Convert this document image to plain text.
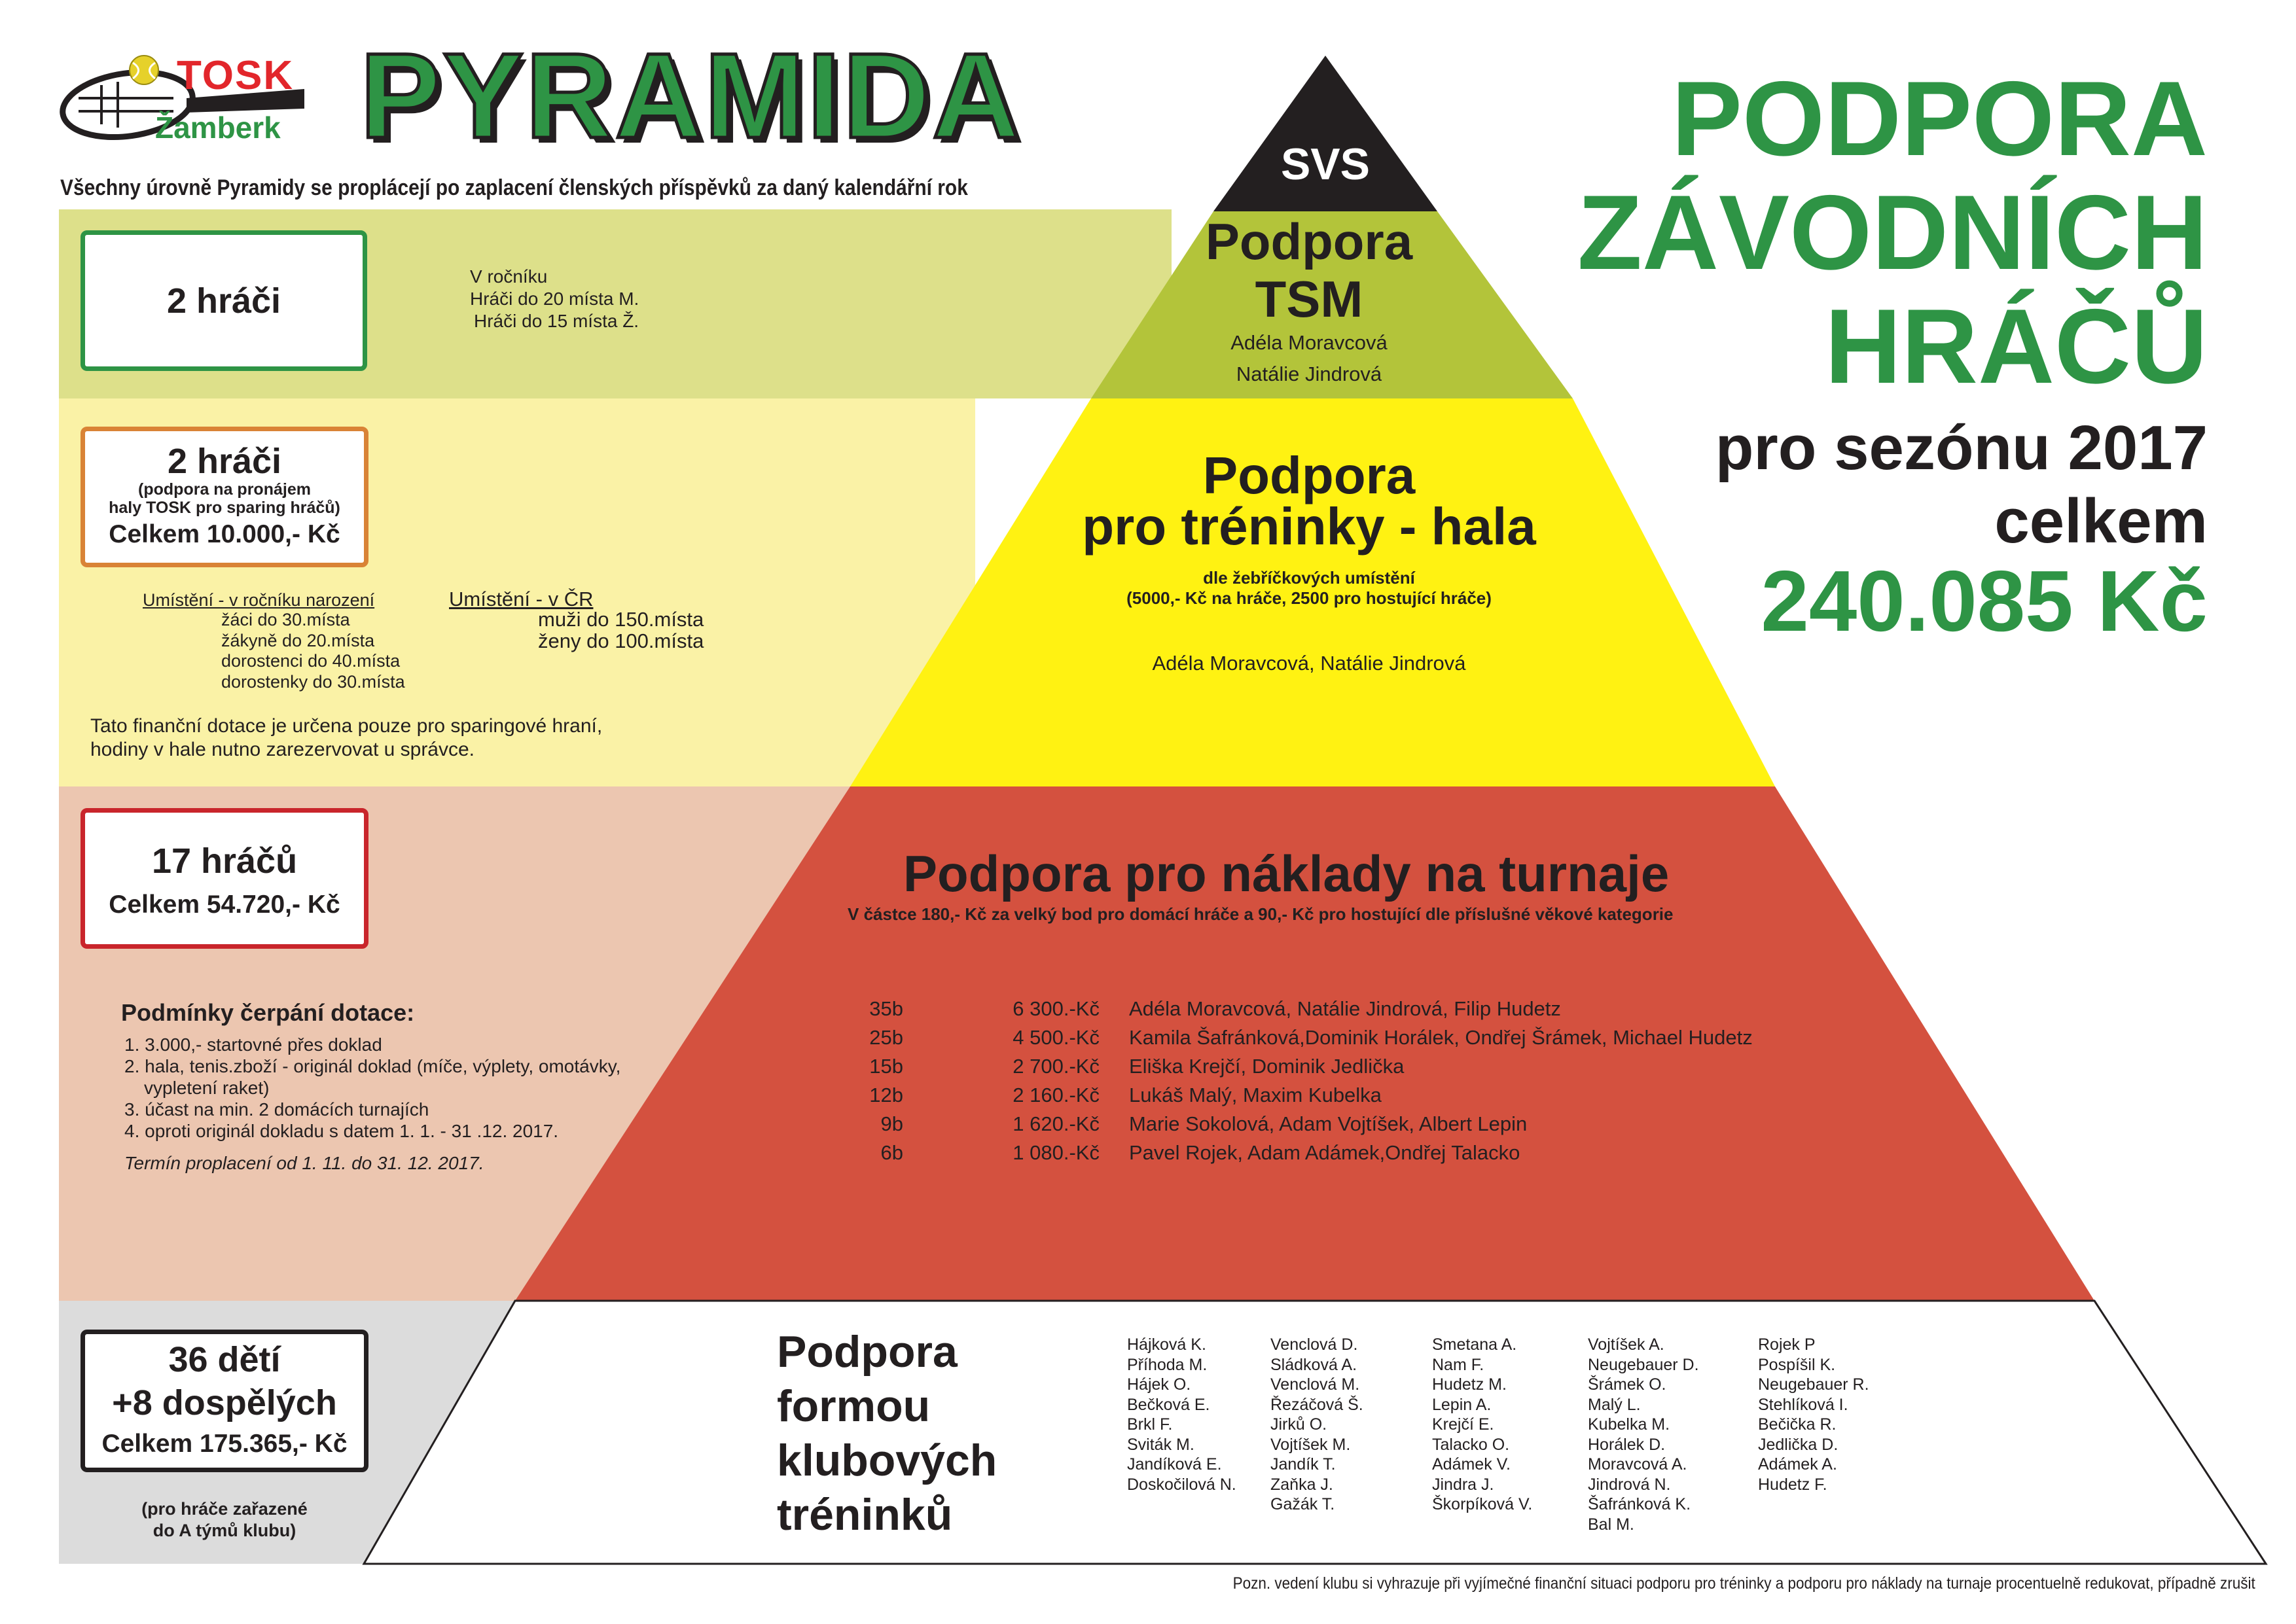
TOSK
Žamberk PYRAMIDA
Všechny úrovně Pyramidy se proplácejí po zaplacení členských příspěvků za daný kalendářní rok	SVS	PODPORA
ZÁVODNÍCH
HRÁČŮ
pro sezónu 2017
celkem
240.085 Kč
2 hráči
V ročníku
Hráči do 20 místa M.
Hráči do 15 místa Ž.
Podpora
TSM
Adéla Moravcová
Natálie Jindrová
2 hráči
(podpora na pronájem
haly TOSK pro sparing hráčů)
Celkem 10.000,- Kč
Umístění - v ročníku narození
žáci do 30.místa
žákyně do 20.místa
dorostenci do 40.místa
dorostenky do 30.místa
Umístění - v ČR
muži do 150.místa
ženy do 100.místa
Tato finanční dotace je určena pouze pro sparingové hraní,
hodiny v hale nutno zarezervovat u správce.
Podpora
pro tréninky - hala
dle žebříčkových umístění
(5000,- Kč na hráče, 2500 pro hostující hráče)
Adéla Moravcová, Natálie Jindrová
17 hráčů
Celkem 54.720,- Kč
Podmínky čerpání dotace:
1. 3.000,- startovné přes doklad
2. hala, tenis.zboží - originál doklad (míče, výplety, omotávky,
vypletení raket)
3. účast na min. 2 domácích turnajích
4. oproti originál dokladu s datem 1. 1. - 31 .12. 2017.
Termín proplacení od 1. 11. do 31. 12. 2017.
Podpora pro náklady na turnaje
V částce 180,- Kč za velký bod pro domácí hráče a 90,- Kč pro hostující dle příslušné věkové kategorie
35b	6 300.-Kč Adéla Moravcová, Natálie Jindrová, Filip Hudetz
25b	4 500.-Kč Kamila Šafránková,Dominik Horálek, Ondřej Šrámek, Michael Hudetz
15b	2 700.-Kč Eliška Krejčí, Dominik Jedlička
12b	2 160.-Kč Lukáš Malý, Maxim Kubelka
9b	1 620.-Kč Marie Sokolová, Adam Vojtíšek, Albert Lepin
6b	1 080.-Kč Pavel Rojek, Adam Adámek,Ondřej Talacko
36 dětí
+8 dospělých
Celkem 175.365,- Kč
(pro hráče zařazené
do A týmů klubu)
Podpora
formou
klubových
tréninků
Hájková K.
Příhoda M.
Hájek O.
Bečková E.
Brkl F.
Sviták M.
Jandíková E.
Doskočilová N.
Venclová D.
Sládková A.
Venclová M.
Řezáčová Š.
Jirků O.
Vojtíšek M.
Jandík T.
Zaňka J.
Gažák T.
Smetana A.
Nam F.
Hudetz M.
Lepin A.
Krejčí E.
Talacko O.
Adámek V.
Jindra J.
Škorpíková V.
Vojtíšek A.
Neugebauer D.
Šrámek O.
Malý L.
Kubelka M.
Horálek D.
Moravcová A.
Jindrová N.
Šafránková K.
Bal M.
Rojek P
Pospíšil K.
Neugebauer R.
Stehlíková I.
Bečička R.
Jedlička D.
Adámek A.
Hudetz F.
Pozn. vedení klubu si vyhrazuje při vyjímečné finanční situaci podporu pro tréninky a podporu pro náklady na turnaje procentuelně redukovat, případně zrušit
